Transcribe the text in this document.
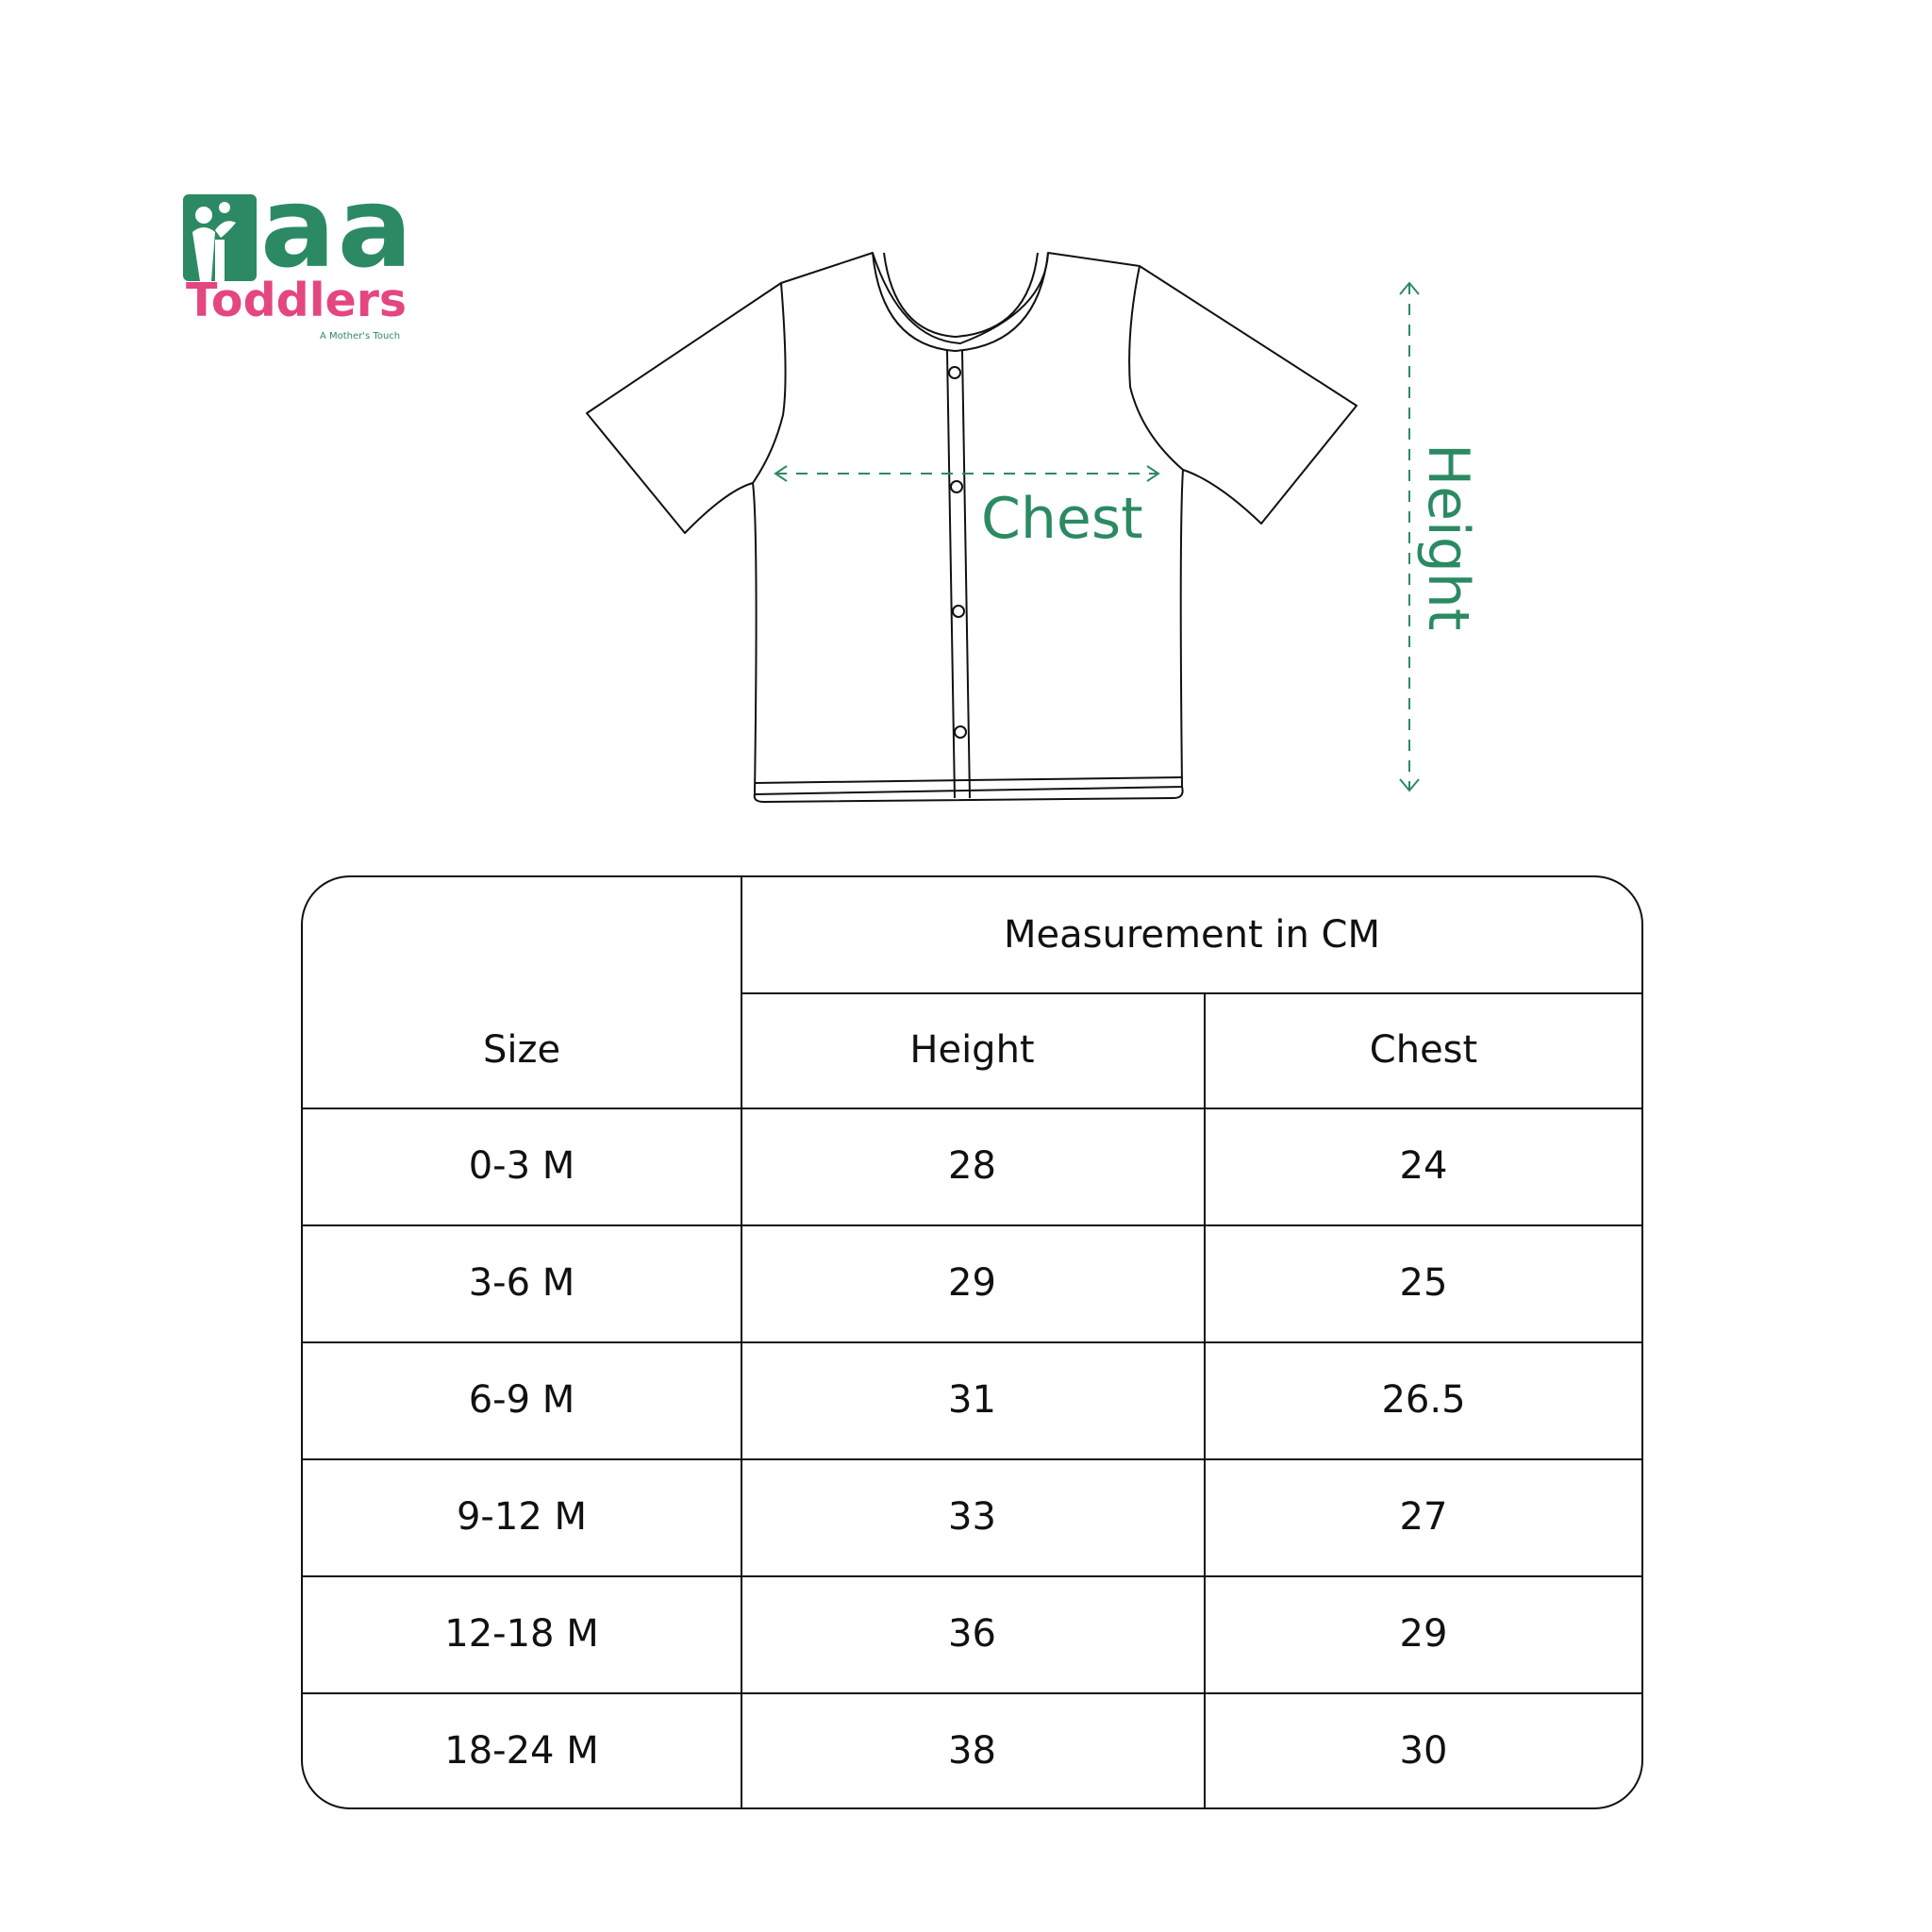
aa
Toddlers
A Mother's Touch
Chest	Height
Measurement in CM
Size	Height	Chest
0-3 M	28	24
3-6 M	29	25
6-9 M	31	26.5
9-12 M	33	27
12-18 M	36	29
18-24 M	38	30
